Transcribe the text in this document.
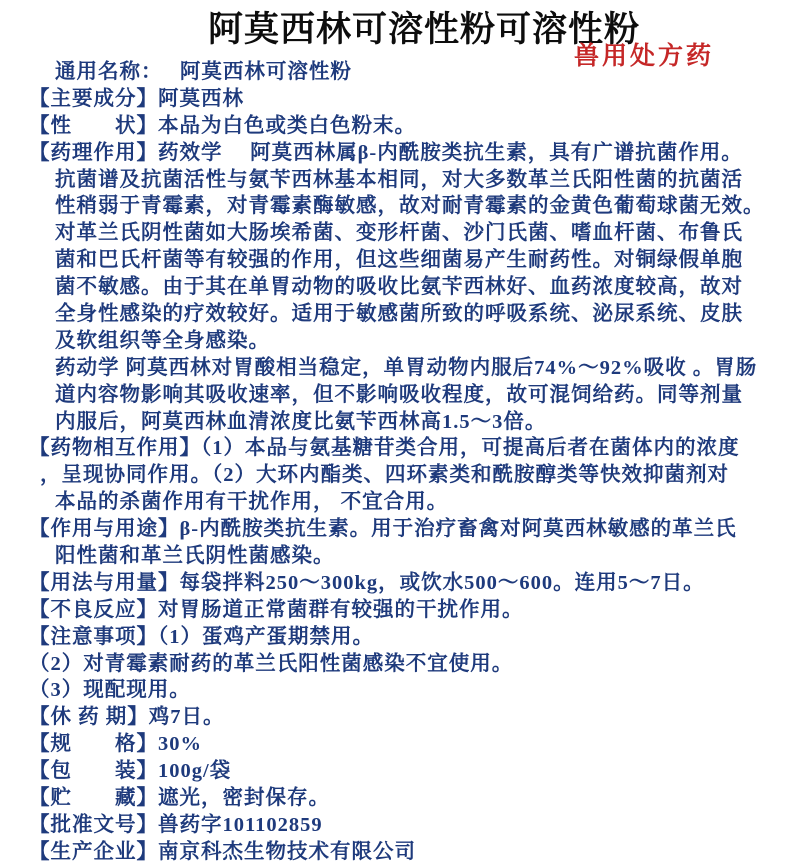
阿莫西林可溶性粉可溶性粉
兽用处方药
通用名称：　 阿莫西林可溶性粉
【主要成分】阿莫西林
【性　　状】本品为白色或类白色粉末。
【药理作用】药效学　 阿莫西林属β-内酰胺类抗生素，具有广谱抗菌作用。
抗菌谱及抗菌活性与氨苄西林基本相同，对大多数革兰氏阳性菌的抗菌活
性稍弱于青霉素，对青霉素酶敏感，故对耐青霉素的金黄色葡萄球菌无效。
对革兰氏阴性菌如大肠埃希菌、变形杆菌、沙门氏菌、嗜血杆菌、布鲁氏
菌和巴氏杆菌等有较强的作用，但这些细菌易产生耐药性。对铜绿假单胞
菌不敏感。由于其在单胃动物的吸收比氨苄西林好、血药浓度较高，故对
全身性感染的疗效较好。适用于敏感菌所致的呼吸系统、泌尿系统、皮肤
及软组织等全身感染。
药动学 阿莫西林对胃酸相当稳定，单胃动物内服后74%～92%吸收 。胃肠
道内容物影响其吸收速率，但不影响吸收程度，故可混饲给药。同等剂量
内服后，阿莫西林血清浓度比氨苄西林高1.5～3倍。
【药物相互作用】（1）本品与氨基糖苷类合用，可提高后者在菌体内的浓度
，呈现协同作用。（2）大环内酯类、四环素类和酰胺醇类等快效抑菌剂对
本品的杀菌作用有干扰作用， 不宜合用。
【作用与用途】β-内酰胺类抗生素。用于治疗畜禽对阿莫西林敏感的革兰氏
阳性菌和革兰氏阴性菌感染。
【用法与用量】每袋拌料250～300kg，或饮水500～600。连用5～7日。
【不良反应】对胃肠道正常菌群有较强的干扰作用。
【注意事项】（1）蛋鸡产蛋期禁用。
（2）对青霉素耐药的革兰氏阳性菌感染不宜使用。
（3）现配现用。
【休 药 期】鸡7日。
【规　　格】30%
【包　　装】100g/袋
【贮　　藏】遮光，密封保存。
【批准文号】兽药字101102859
【生产企业】南京科杰生物技术有限公司
